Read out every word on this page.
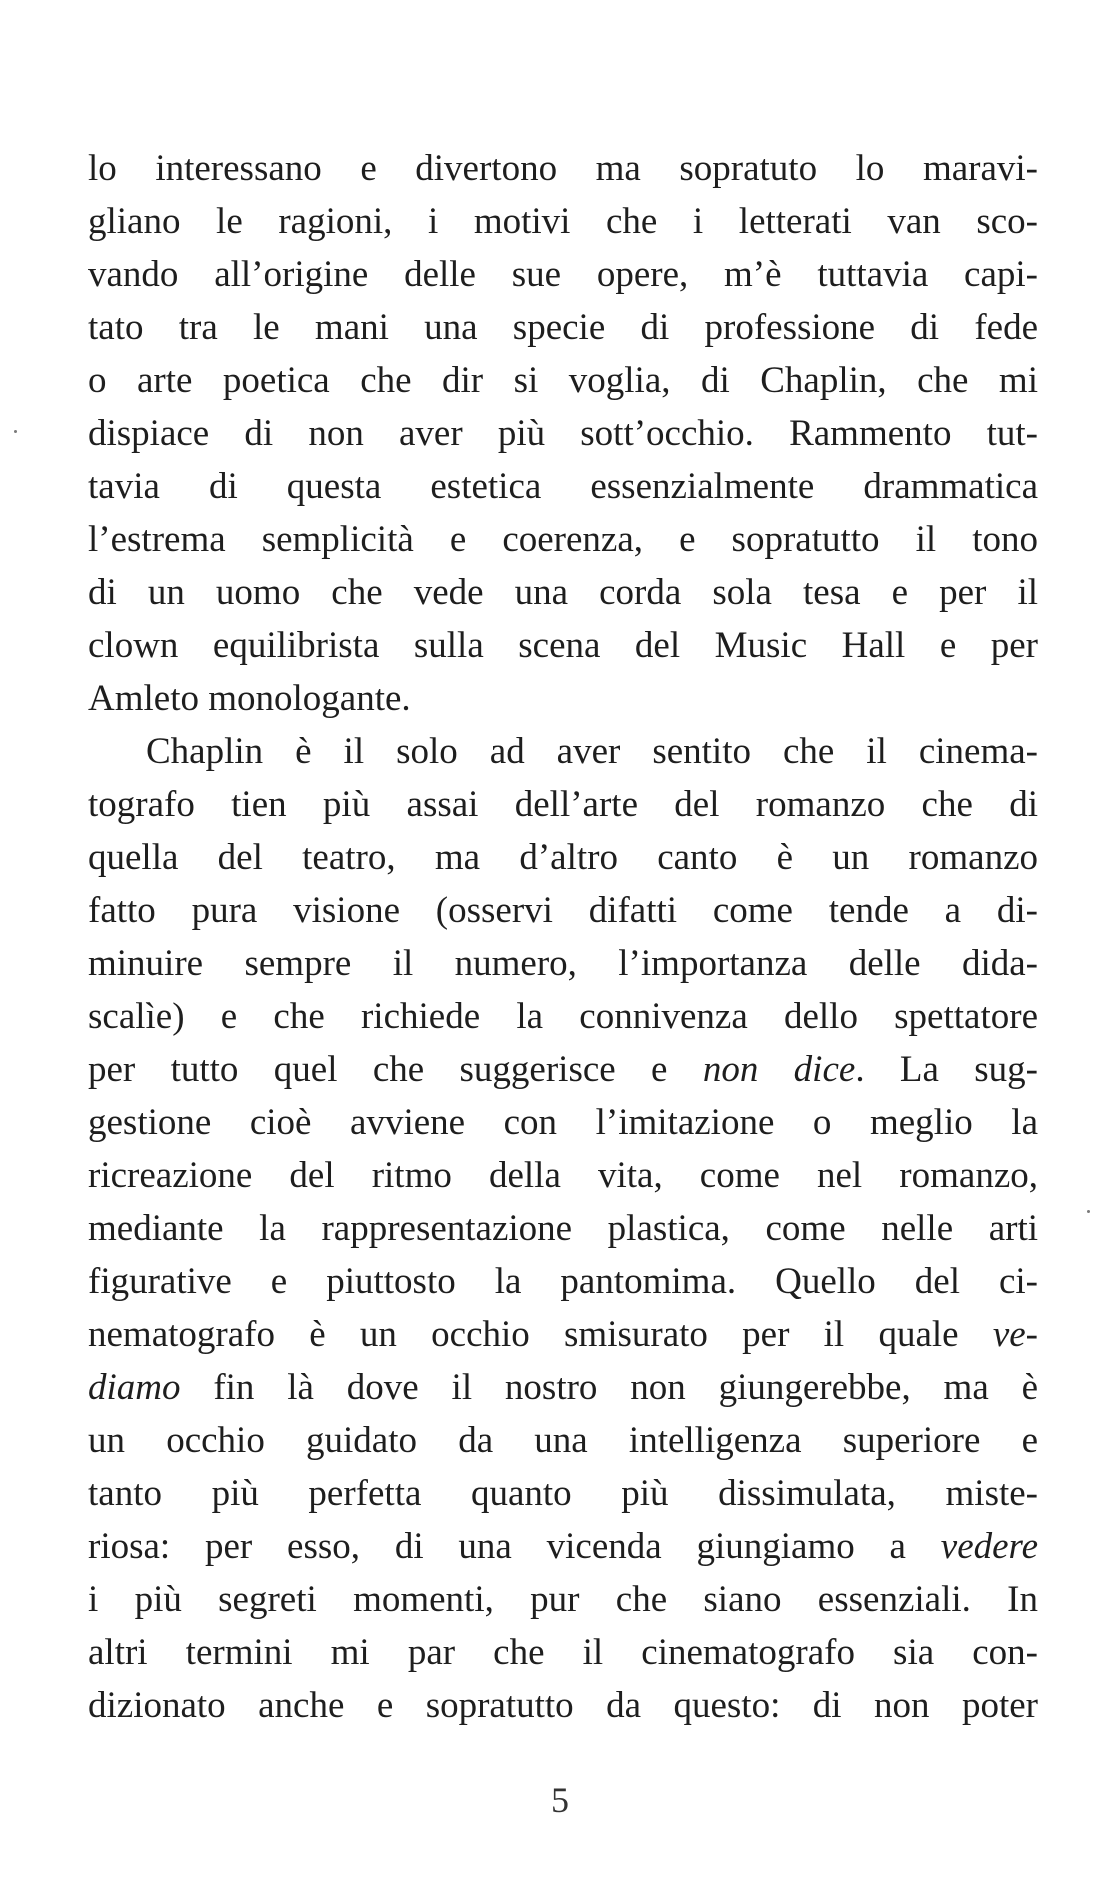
lo interessano e divertono ma sopratuto lo maravi-
gliano le ragioni, i motivi che i letterati van sco-
vando all’origine delle sue opere, m’è tuttavia capi-
tato tra le mani una specie di professione di fede
o arte poetica che dir si voglia, di Chaplin, che mi
dispiace di non aver più sott’occhio. Rammento tut-
tavia di questa estetica essenzialmente drammatica
l’estrema semplicità e coerenza, e sopratutto il tono
di un uomo che vede una corda sola tesa e per il
clown equilibrista sulla scena del Music Hall e per
Amleto monologante.
Chaplin è il solo ad aver sentito che il cinema-
tografo tien più assai dell’arte del romanzo che di
quella del teatro, ma d’altro canto è un romanzo
fatto pura visione (osservi difatti come tende a di-
minuire sempre il numero, l’importanza delle dida-
scalìe) e che richiede la connivenza dello spettatore
per tutto quel che suggerisce e non dice. La sug-
gestione cioè avviene con l’imitazione o meglio la
ricreazione del ritmo della vita, come nel romanzo,
mediante la rappresentazione plastica, come nelle arti
figurative e piuttosto la pantomima. Quello del ci-
nematografo è un occhio smisurato per il quale ve-
diamo fin là dove il nostro non giungerebbe, ma è
un occhio guidato da una intelligenza superiore e
tanto più perfetta quanto più dissimulata, miste-
riosa: per esso, di una vicenda giungiamo a vedere
i più segreti momenti, pur che siano essenziali. In
altri termini mi par che il cinematografo sia con-
dizionato anche e sopratutto da questo: di non poter
5
